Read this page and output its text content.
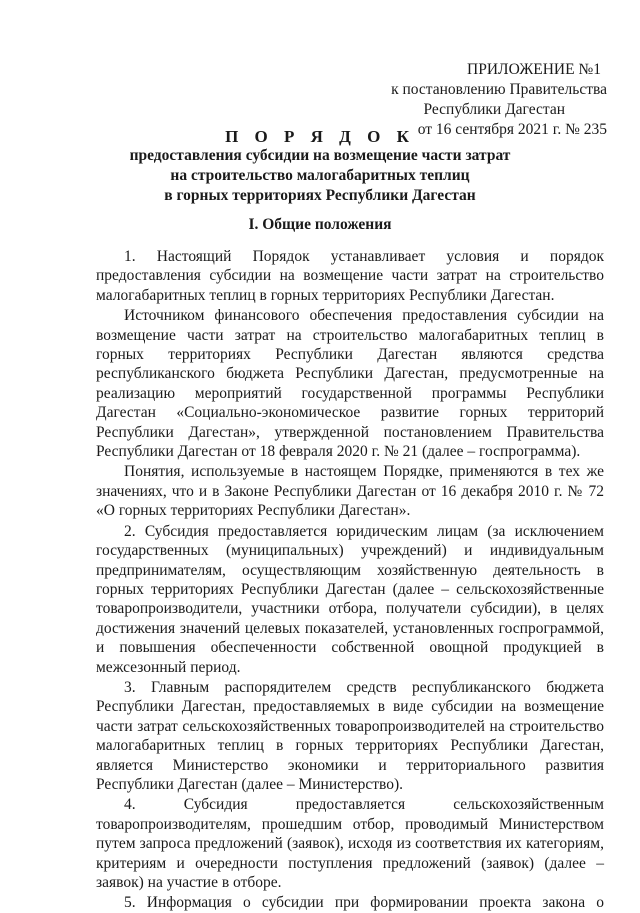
ПРИЛОЖЕНИЕ №1
к постановлению Правительства
Республики Дагестан
от 16 сентября 2021 г. № 235
П О Р Я Д О К
предоставления субсидии на возмещение части затрат
на строительство малогабаритных теплиц
в горных территориях Республики Дагестан
I. Общие положения

1. Настоящий Порядок устанавливает условия и порядок предоставления субсидии на возмещение части затрат на строительство малогабаритных теплиц в горных территориях Республики Дагестан.

Источником финансового обеспечения предоставления субсидии на возмещение части затрат на строительство малогабаритных теплиц в горных территориях Республики Дагестан являются средства республиканского бюджета Республики Дагестан, предусмотренные на реализацию мероприятий государственной программы Республики Дагестан «Социально-экономическое развитие горных территорий Республики Дагестан», утвержденной постановлением Правительства Республики Дагестан от 18 февраля 2020 г. № 21 (далее – госпрограмма).

Понятия, используемые в настоящем Порядке, применяются в тех же значениях, что и в Законе Республики Дагестан от 16 декабря 2010 г. № 72 «О горных территориях Республики Дагестан».

2. Субсидия предоставляется юридическим лицам (за исключением государственных (муниципальных) учреждений) и индивидуальным предпринимателям, осуществляющим хозяйственную деятельность в горных территориях Республики Дагестан (далее – сельскохозяйственные товаропроизводители, участники отбора, получатели субсидии), в целях достижения значений целевых показателей, установленных госпрограммой, и повышения обеспеченности собственной овощной продукцией в межсезонный период.

3. Главным распорядителем средств республиканского бюджета Республики Дагестан, предоставляемых в виде субсидии на возмещение части затрат сельскохозяйственных товаропроизводителей на строительство малогабаритных теплиц в горных территориях Республики Дагестан, является Министерство экономики и территориального развития Республики Дагестан (далее – Министерство).

4. Субсидия предоставляется сельскохозяйственным товаропроизводителям, прошедшим отбор, проводимый Министерством путем запроса предложений (заявок), исходя из соответствия их категориям, критериям и очередности поступления предложений (заявок) (далее – заявок) на участие в отборе.

5. Информация о субсидии при формировании проекта закона о
